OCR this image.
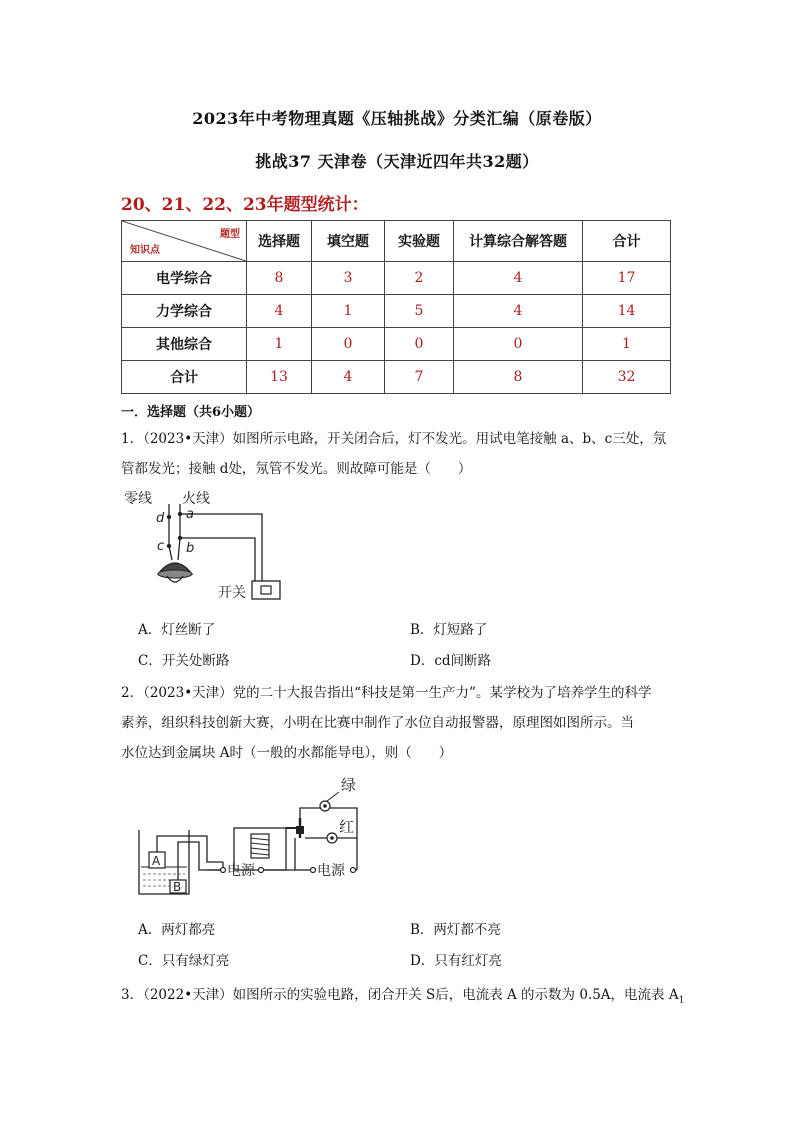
2023年中考物理真题《压轴挑战》分类汇编（原卷版）
挑战37 天津卷（天津近四年共32题）
20、21、22、23年题型统计：
题型
知识点	选择题	填空题	实验题	计算综合解答题	合计
电学综合	8	3	2	4	17
力学综合	4	1	5	4	14
其他综合	1	0	0	0	1
合计	13	4	7	8	32
一．选择题（共6小题）
1．（2023•天津）如图所示电路，开关闭合后，灯不发光。用试电笔接触 a、b、c三处，氖
管都发光；接触 d处，氖管不发光。则故障可能是（　　）
零线 火线
d a
c b
开关
A．灯丝断了	B．灯短路了
C．开关处断路	D．cd间断路
2．（2023•天津）党的二十大报告指出“科技是第一生产力”。某学校为了培养学生的科学
素养，组织科技创新大赛，小明在比赛中制作了水位自动报警器，原理图如图所示。当
水位达到金属块 A时（一般的水都能导电），则（　　）
A
B
电源
绿
红
电源
A．两灯都亮	B．两灯都不亮
C．只有绿灯亮	D．只有红灯亮
3．（2022•天津）如图所示的实验电路，闭合开关 S后，电流表 A 的示数为 0.5A，电流表 $A_1$
